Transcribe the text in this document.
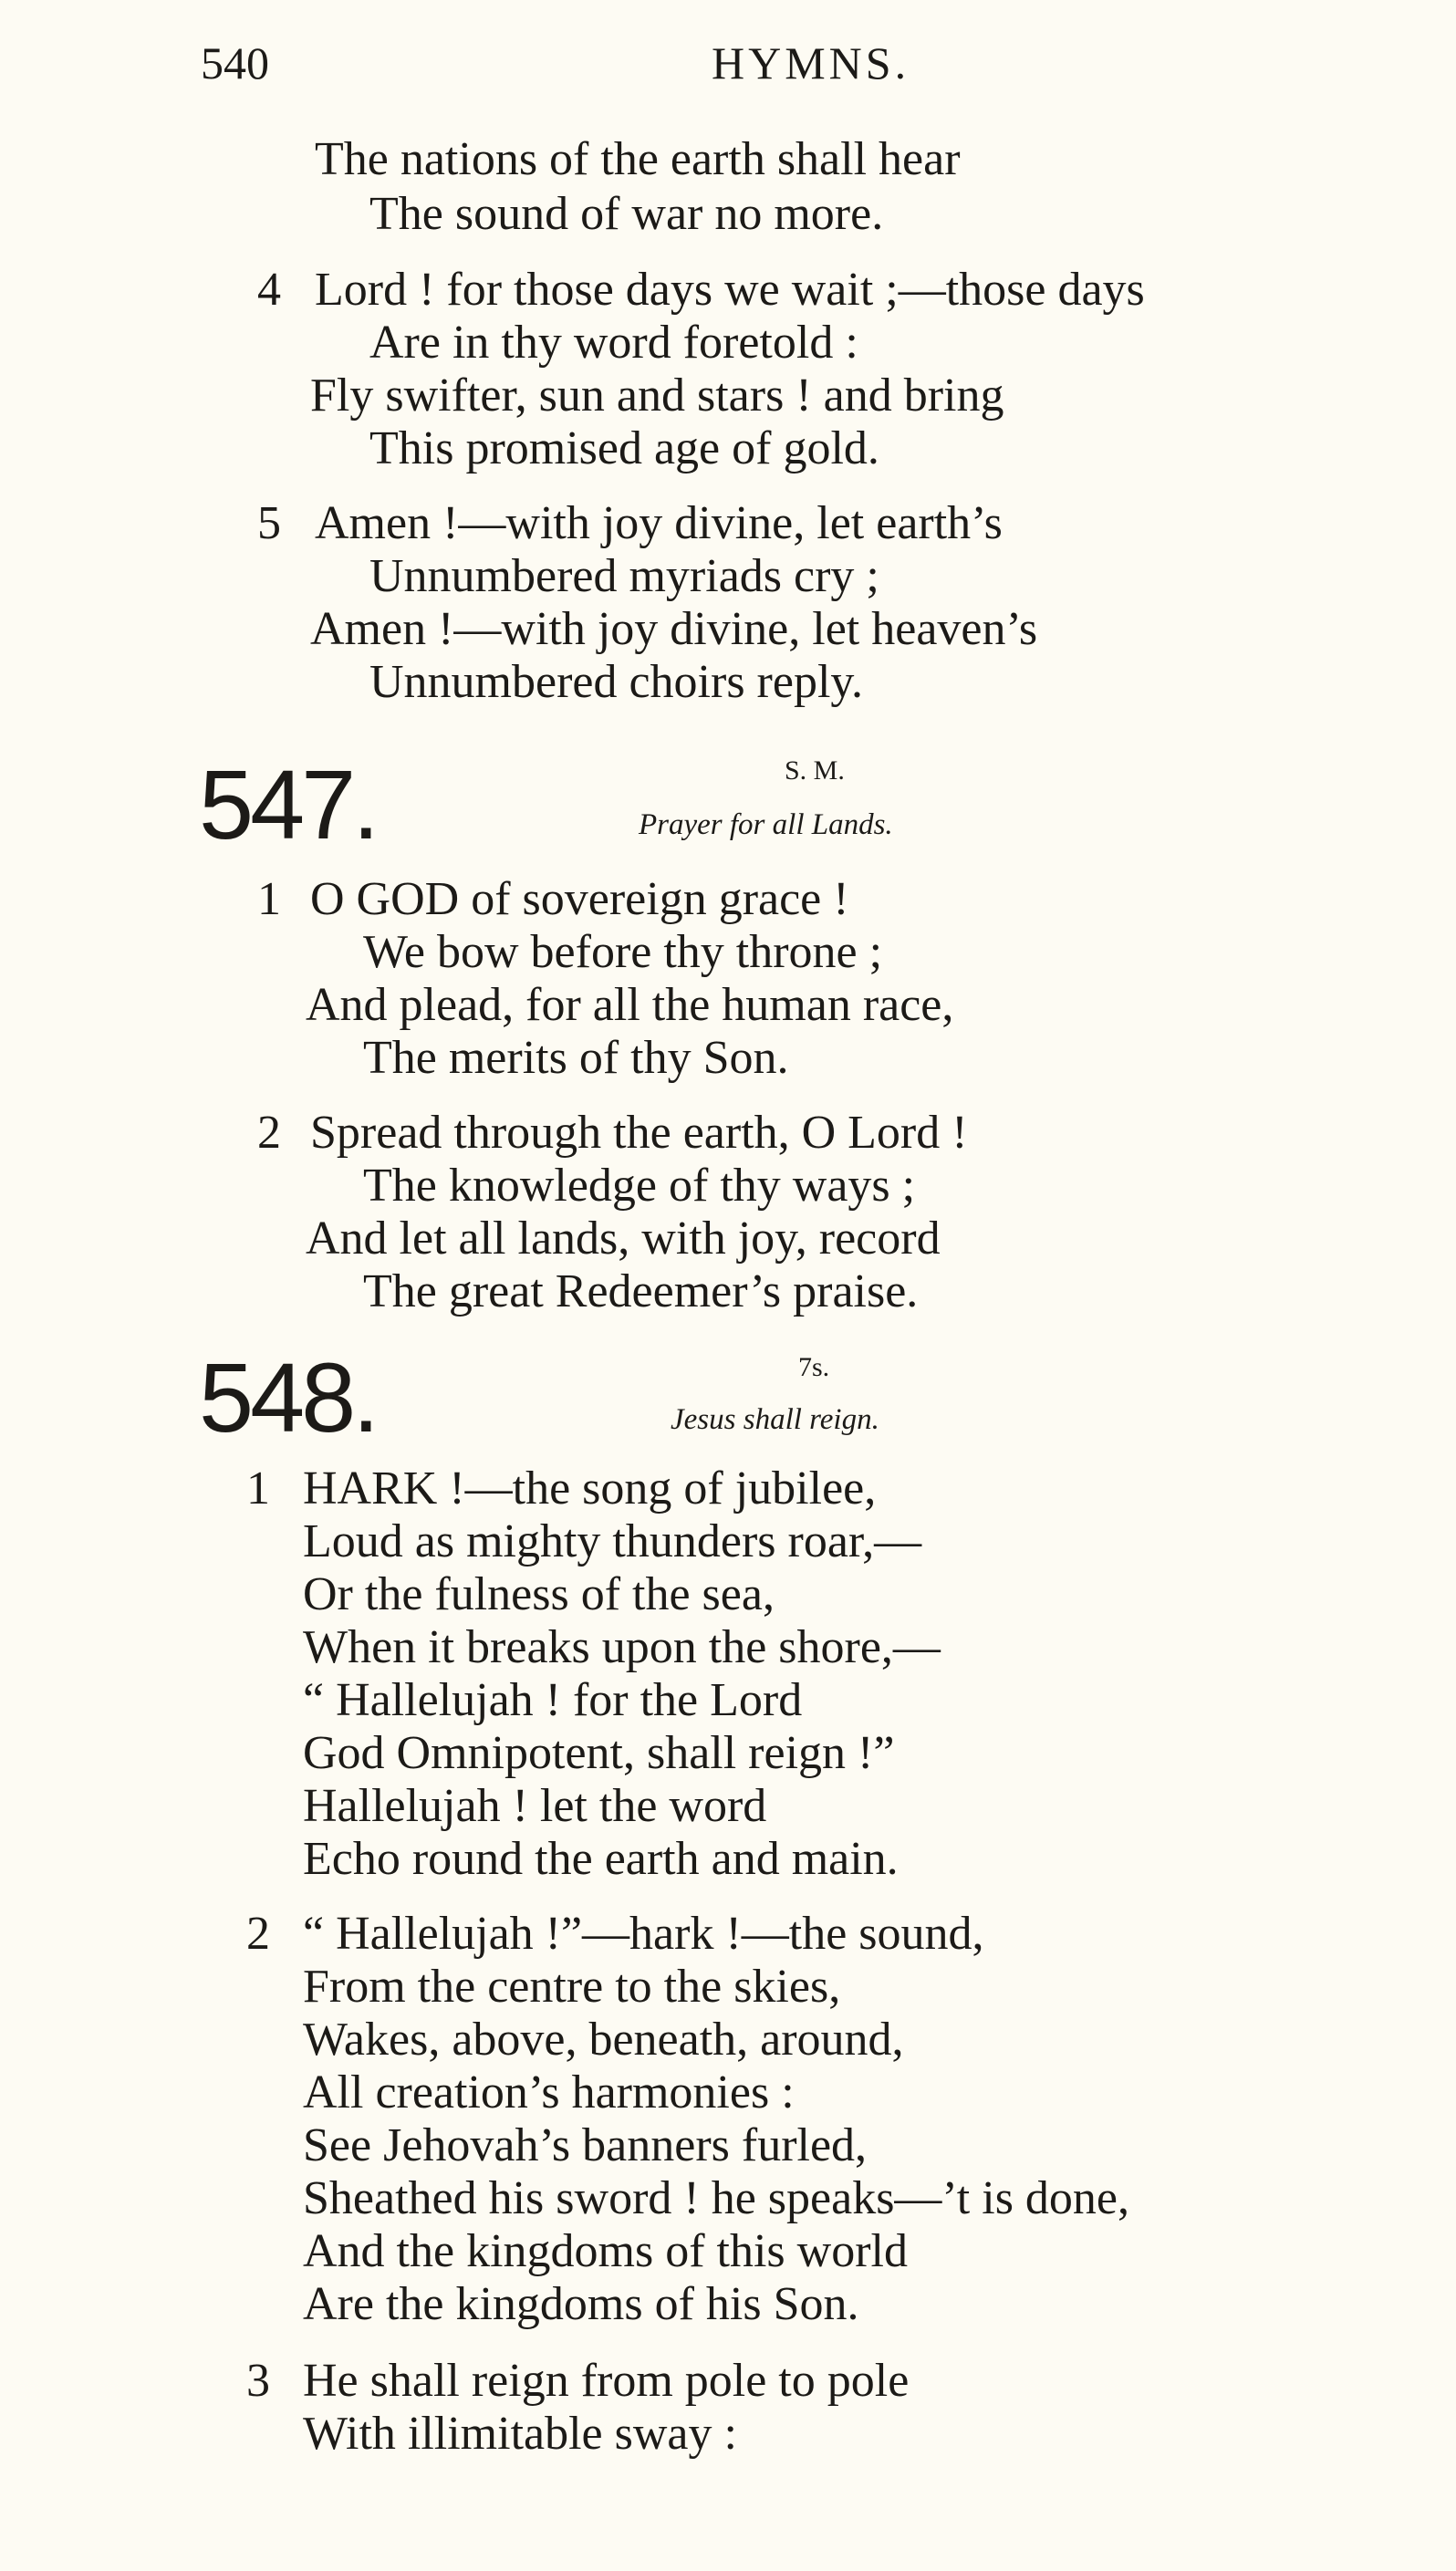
540	HYMNS.
The nations of the earth shall hear
The sound of war no more.
4 Lord ! for those days we wait ;—those days
Are in thy word foretold :
Fly swifter, sun and stars ! and bring
This promised age of gold.
5 Amen !—with joy divine, let earth’s
Unnumbered myriads cry ;
Amen !—with joy divine, let heaven’s
Unnumbered choirs reply.
547.	S. M.
Prayer for all Lands.
1 O GOD of sovereign grace !
We bow before thy throne ;
And plead, for all the human race,
The merits of thy Son.
2 Spread through the earth, O Lord !
The knowledge of thy ways ;
And let all lands, with joy, record
The great Redeemer’s praise.
548.	7s.
Jesus shall reign.
1 HARK !—the song of jubilee,
Loud as mighty thunders roar,—
Or the fulness of the sea,
When it breaks upon the shore,—
“ Hallelujah ! for the Lord
God Omnipotent, shall reign !”
Hallelujah ! let the word
Echo round the earth and main.
2 “ Hallelujah !”—hark !—the sound,
From the centre to the skies,
Wakes, above, beneath, around,
All creation’s harmonies :
See Jehovah’s banners furled,
Sheathed his sword ! he speaks—’t is done,
And the kingdoms of this world
Are the kingdoms of his Son.
3 He shall reign from pole to pole
With illimitable sway :
